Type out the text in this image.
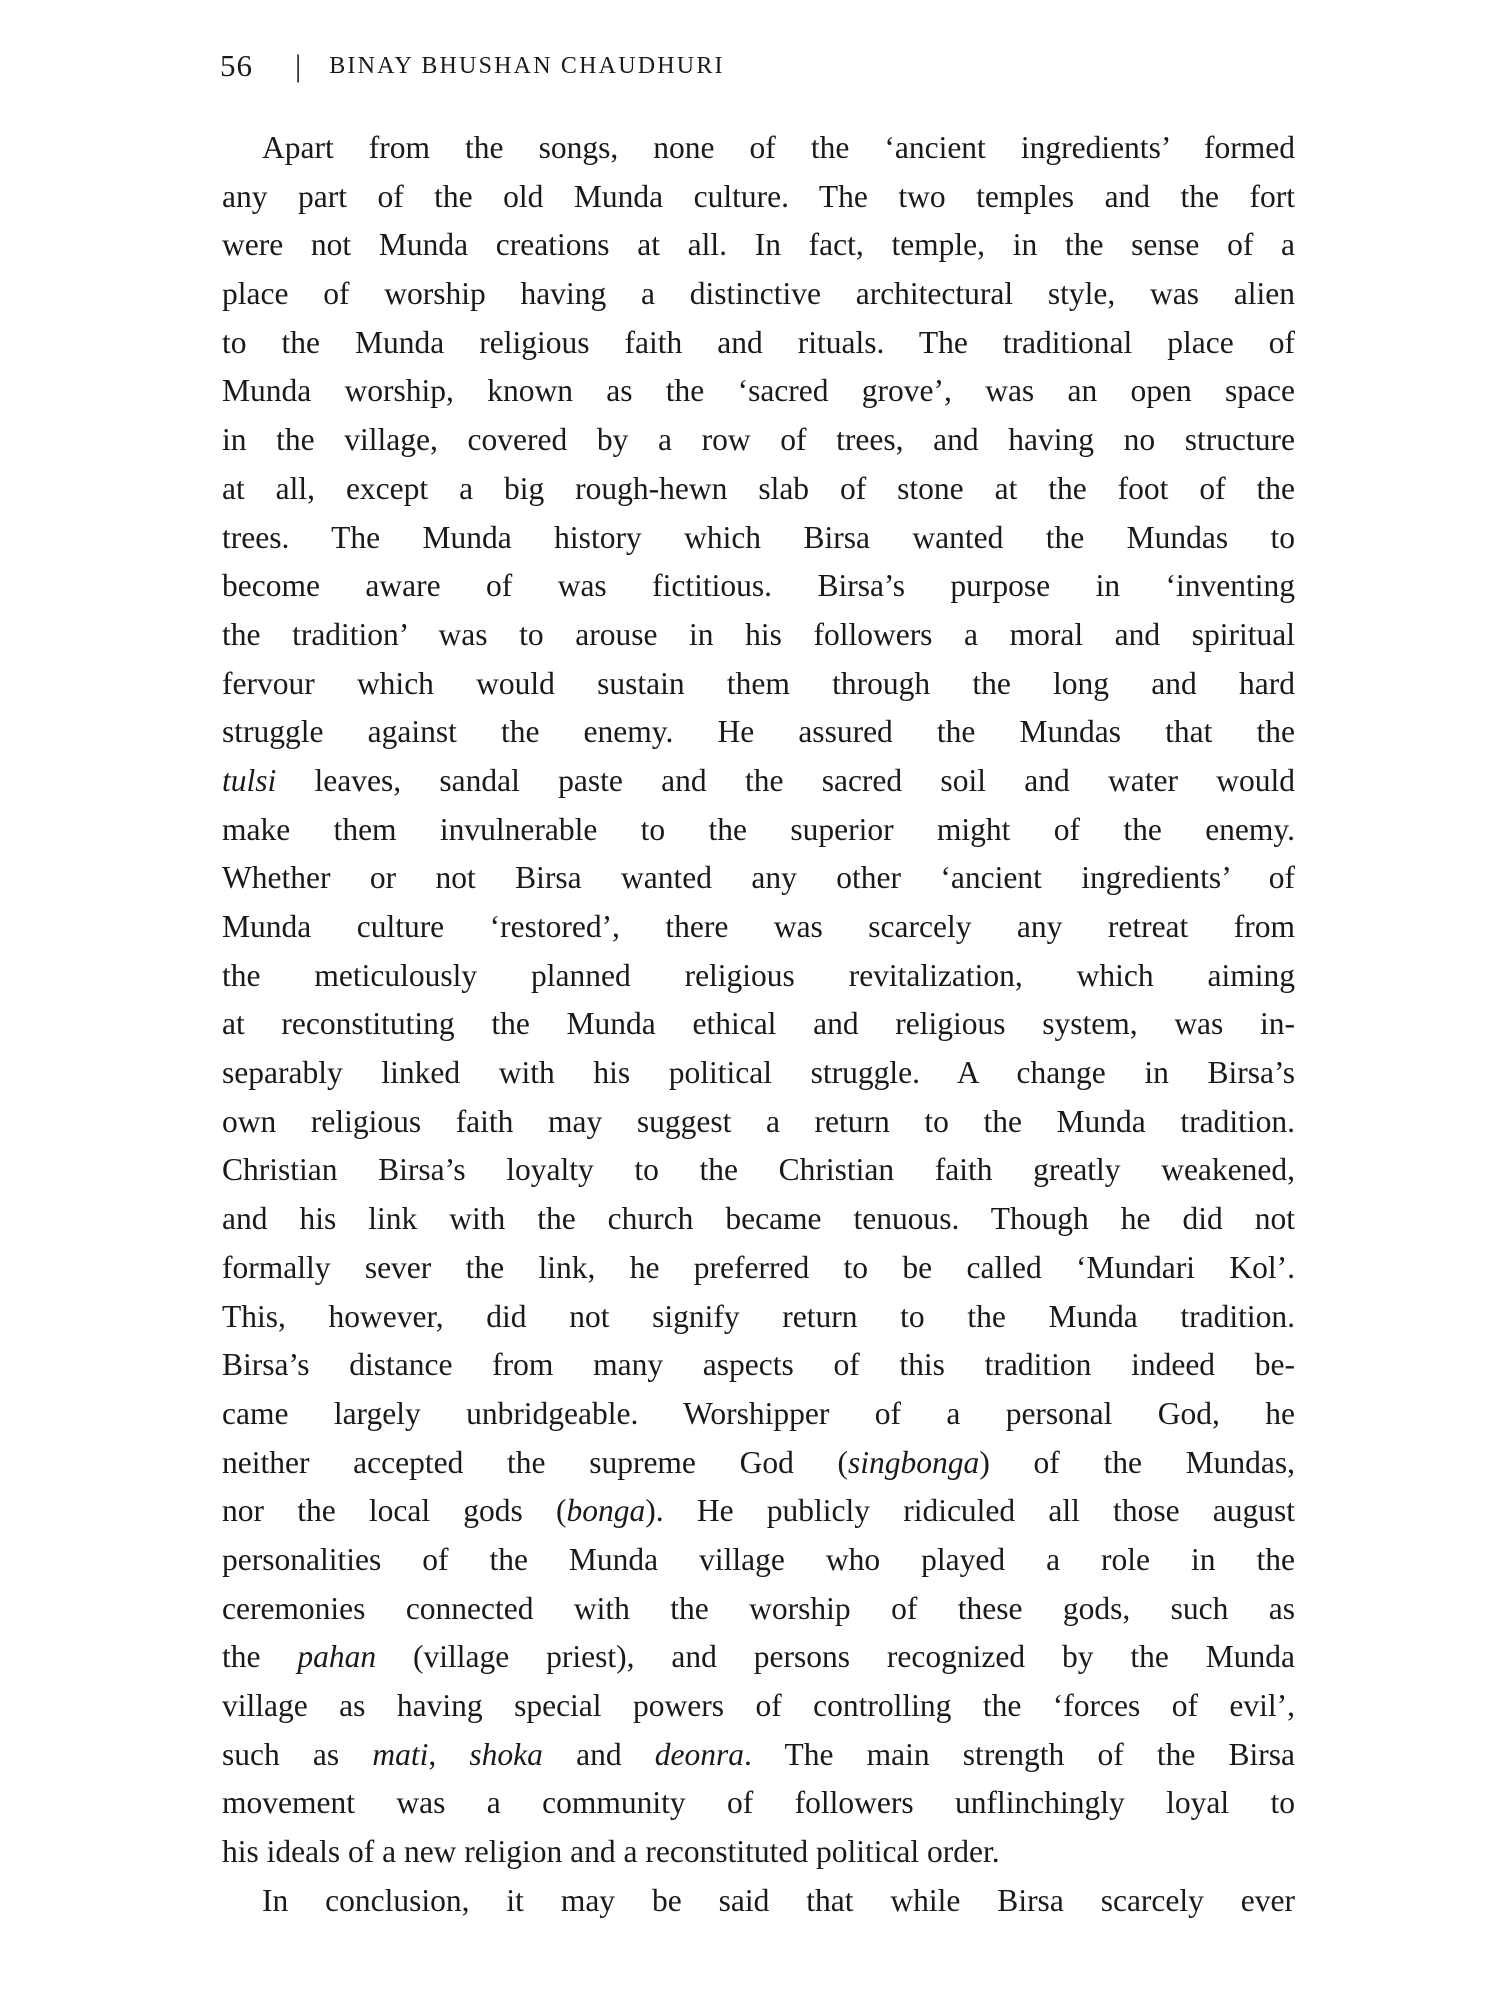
56 | BINAY BHUSHAN CHAUDHURI
Apart from the songs, none of the ‘ancient ingredients’ formed
any part of the old Munda culture. The two temples and the fort
were not Munda creations at all. In fact, temple, in the sense of a
place of worship having a distinctive architectural style, was alien
to the Munda religious faith and rituals. The traditional place of
Munda worship, known as the ‘sacred grove’, was an open space
in the village, covered by a row of trees, and having no structure
at all, except a big rough-hewn slab of stone at the foot of the
trees. The Munda history which Birsa wanted the Mundas to
become aware of was fictitious. Birsa’s purpose in ‘inventing
the tradition’ was to arouse in his followers a moral and spiritual
fervour which would sustain them through the long and hard
struggle against the enemy. He assured the Mundas that the
tulsi leaves, sandal paste and the sacred soil and water would
make them invulnerable to the superior might of the enemy.
Whether or not Birsa wanted any other ‘ancient ingredients’ of
Munda culture ‘restored’, there was scarcely any retreat from
the meticulously planned religious revitalization, which aiming
at reconstituting the Munda ethical and religious system, was in-
separably linked with his political struggle. A change in Birsa’s
own religious faith may suggest a return to the Munda tradition.
Christian Birsa’s loyalty to the Christian faith greatly weakened,
and his link with the church became tenuous. Though he did not
formally sever the link, he preferred to be called ‘Mundari Kol’.
This, however, did not signify return to the Munda tradition.
Birsa’s distance from many aspects of this tradition indeed be-
came largely unbridgeable. Worshipper of a personal God, he
neither accepted the supreme God (singbonga) of the Mundas,
nor the local gods (bonga). He publicly ridiculed all those august
personalities of the Munda village who played a role in the
ceremonies connected with the worship of these gods, such as
the pahan (village priest), and persons recognized by the Munda
village as having special powers of controlling the ‘forces of evil’,
such as mati, shoka and deonra. The main strength of the Birsa
movement was a community of followers unflinchingly loyal to
his ideals of a new religion and a reconstituted political order.
In conclusion, it may be said that while Birsa scarcely ever
